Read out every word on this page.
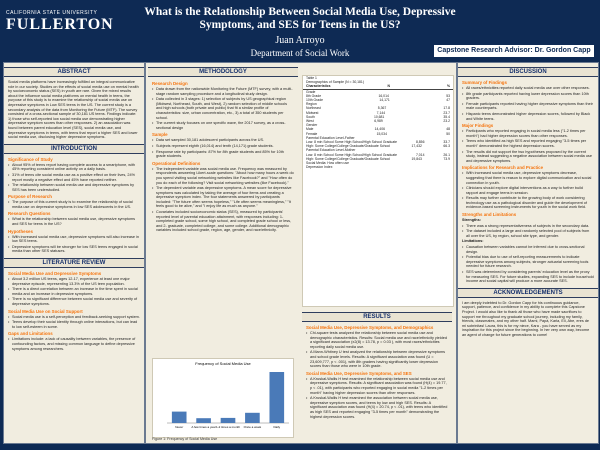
CALIFORNIA STATE UNIVERSITY
FULLERTON
What is the Relationship Between Social Media Use, Depressive Symptoms, and SES for Teens in the US?
Juan Arroyo
Department of Social Work	Capstone Research Advisor: Dr. Gordon Capp
ABSTRACT
Social media platforms have increasingly fulfilled an integral communicative role in our society. Studies on the effects of social media use on mental health by socioeconomic status (SES) in youth are rare. Given the mixed results about the influence social media platforms on mental health in teens, the purpose of this study is to examine the relationship of social media use on depressive symptoms in Low SES teens in the US. The current study is a secondary analysis of the data from Monitoring the Future (MTF). The survey consisted of a cross-sectional sample of 30,181 US teens. Findings indicate: 1) those who self-reported low social media use demonstrating higher depressive symptom scores than other responses. 2) an association was found between parent education level (SES), social media use, and depressive symptoms in teens, with teens that report a higher SES and lower social media use, disclosing higher depressive symptoms.
INTRODUCTION
Significance of Study
• About 95% of teens report having complete access to a smartphone, with 45% reporting consistent online activity on a daily basis.
• 31% of teens cite social media use as a positive effect on their lives, 24% report mostly a negative effect and 45% have reported neither.
• The relationship between social media use and depressive symptoms by SES has been understudied.
Purpose of Research
• The purpose of this current study is to examine the relationship of social media use on depressive symptoms in low SES adolescents in the US.
Research Questions
• What is the relationship between social media use, depressive symptoms and SES for teens in the US?
Hypotheses
• With increased social media use, depressive symptoms will also increase in low SES teens.
• Depressive symptoms will be stronger for low SES teens engaged in social media than other SES statuses.
LITERATURE REVIEW
Social Media Use and Depressive Symptoms
• About 3.2 million US teens, ages 12-17, experience at least one major depressive episode, representing 13.3% of the US teen population.
• There is a direct correlation between an increase in the time spent in social media and an increase in depressive symptoms.
• There is no significant difference between social media use and severity of depressive symptoms.
Social Media Use on Social Support
• Social media use is a self-perception and feedback-seeking support system.
• Teens develop their social identity through online interactions, but can lead to low self-esteem in some.
Gaps and Limitations
• Limitations include: a lack of causality between variables, the presence of confounding factors, and missing common language to define depressive symptoms among researchers.
METHODOLOGY
Research Design
• Data drawn from the nationwide Monitoring the Future (MTF) survey, with a multi-stage random sampling procedure and a longitudinal study design.
• Data collected in 3 stages: 1) selection of subjects by US geographical region (Midwest, Northeast, South, and West), 2) random selection of middle schools and high schools (both private and public) that fit a similar profile of characteristics: size, urban concentration, etc., 3) a total of 350 students per school.
• The current study focuses on one specific wave, the 2017 survey, as a cross-sectional design
Sample
• Data set sampled 30,181 adolescent participants across the US.
• Subjects represent eighth (16,014) and tenth (14,171) grade students.
• Response rate by participants: 87% for 8th grade students and 85% for 10th grade students.
Operational Definitions
• The independent variable was social media use. Frequency was measured by respondents answering Likert-scale questions: "About how many hours a week do you spend visiting social networking websites like Facebook?" and "How often do you do each of the following? Visit social networking websites (like Facebook)."
• The dependent variable was depressive symptoms. A mean score for depressive symptoms was calculated by taking the average of four items and creating a depressive symptom index. The four statements answered by participants included: "The future often seems hopeless," "Life often seems meaningless," "It feels good to be alive," and "I enjoy life as much as anyone."
• Covariates included socioeconomic status (SES), measured by participants' reported level of parental education attainment, with responses including: 1-completed grade school, some high school, and completed grade school or less, and 2- graduate, completed college, and some college. Additional demographic variables included school grade, region, age, gender, and race/ethnicity.
Table 1
Demographics of Sample (N = 30,181)
Characteristics	N	%
Grade
8th Grade	16,014	53
10th Grade	14,171	47
Region
Northeast	5,367	17.8
Midwest	7,144	23.7
South	10,681	35.4
West	6,989	23.2
Gender
Male	14,406	48
Female	15,034	50
Parental Education Level-Father
Low: 8 min School Some High School/High School Graduate	8,856	33.7
High: Some College/College Graduate/Graduate School	17,432	66.3
Parental Education Level-Mother
Low: 8 min School Some High School/High School Graduate	7,014	26.1
High: Some College/College Graduate/Graduate School	19,843	73.9
Social Media: How often use
Depression Index
Frequency of Social Media Use
Never	A few times a year 1-2 times a month Once a week	Daily
Figure 1: Frequency of Social Media Use
RESULTS
Social Media Use, Depressive Symptoms, and Demographics
• Chi-square tests analyzed the relationship between social media use and demographic characteristics. Results: Social media use and race/ethnicity yielded a significant association (x2(8) = 13.78, p = 0.03 ), with most races/ethnicities reporting daily social media use.
• A Mann-Whitney U test analyzed the relationship between depressive symptoms and school grade levels. Results: A significant association was found (U = 23,609,777, p < .001), with 8th graders having significantly lower depression scores than those who were in 10th grade.
Social Media Use, Depressive Symptoms, and SES
• A Kruskal-Wallis H test examined the relationship between social media use and depressive symptoms. Results: A significant association was found (H(4) = 19.77, p < .01), with participants who reported engaging in social media "1-2 times per month" having higher depression scores than other responses.
• A Kruskal-Wallis H test examined the association between social media use, depressive symptom scores, and teens by low and high SES. Results: A significant association was found (H(4) = 20.74, p < .01), with teens who identified as high SES and reported engaging "3-5 times per month" demonstrating the highest depression scores.
DISCUSSION
Summary of Findings
• All races/ethnicities reported daily social media use over other responses.
• 8th grade participants reported having lower depression scores than 10th graders.
• Female participants reported having higher depressive symptoms than their male counterparts.
• Hispanic teens demonstrated higher depression scores, followed by Black and White teens.
Major Findings
• Participants who reported engaging in social media less ("1-2 times per month") had higher depression scores than other responses.
• Teens who identified as high SES and reported engaging "3-5 times per month" demonstrated the highest depression scores.
• The results did not support the two hypotheses proposed by the current study, instead suggesting a negative association between social media use and depressive symptoms.
Implications for Research and Practice
• With increased social media use, depressive symptoms decrease, suggesting that there is reason to explore digital communication and social connection in youth.
• Clinicians should explore digital interventions as a way to further build rapport and engage teens in session.
• Results may further contribute to the growing body of work considering technology use as a pathological disorder and guide the development of evidence-based screening instruments for youth in the social work field.
Strengths and Limitations
Strengths:
• There was a strong representativeness of subjects in the secondary data.
• The dataset included a large and randomly selected pool of subjects from all over the US, by region, school site type, and gender.
Limitations:
• Causation between variables cannot be inferred due to cross-sectional design.
• Potential bias due to use of self-reporting measurements to indicate depressive symptoms among subjects, stronger actuarial screening tools needed for future research.
• SES was determined by considering parents' education level as the proxy for measuring SES. For future studies, expanding SES to include household income and social capital will produce a more accurate SES.
ACKNOWLEDGEMENTS
I am deeply indebted to Dr. Gordon Capp for his continuous guidance, support, patience, and confidence in my ability to complete this Capstone Project. I would also like to thank all those who have made sacrifices to support me throughout my graduate school journey, including my family, friends, classmates, and my other half. Mami, Papá, Karla, Eli, Abe, eres de mi sobrinitas! Laura, this is for my niece, Kara - you have served as my inspiration for this project since the beginning. In her very own way, become an agent of change for future generations to come!
